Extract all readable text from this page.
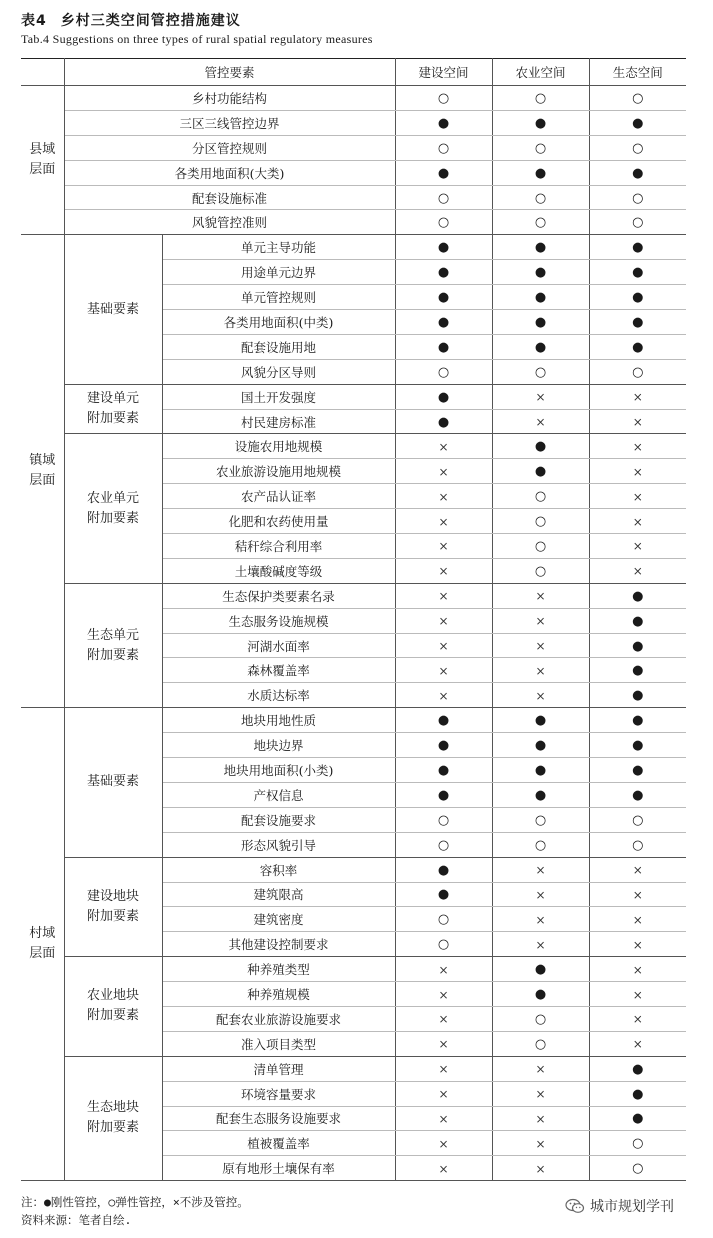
表4 乡村三类空间管控措施建议
Tab.4 Suggestions on three types of rural spatial regulatory measures
	管控要素		建设空间	农业空间	生态空间
县域
层面	乡村功能结构		○	○	○
	三区三线管控边界		●	●	●
	分区管控规则		○	○	○
	各类用地面积(大类)		●	●	●
	配套设施标准		○	○	○
	风貌管控准则		○	○	○
镇域
层面	基础要素	单元主导功能	●	●	●
		用途单元边界	●	●	●
		单元管控规则	●	●	●
		各类用地面积(中类)	●	●	●
		配套设施用地	●	●	●
		风貌分区导则	○	○	○
	建设单元
附加要素	国土开发强度	●	×	×
		村民建房标准	●	×	×
	农业单元
附加要素	设施农用地规模	×	●	×
		农业旅游设施用地规模	×	●	×
		农产品认证率	×	○	×
		化肥和农药使用量	×	○	×
		秸秆综合利用率	×	○	×
		土壤酸碱度等级	×	○	×
	生态单元
附加要素	生态保护类要素名录	×	×	●
		生态服务设施规模	×	×	●
		河湖水面率	×	×	●
		森林覆盖率	×	×	●
		水质达标率	×	×	●
村域
层面	基础要素	地块用地性质	●	●	●
		地块边界	●	●	●
		地块用地面积(小类)	●	●	●
		产权信息	●	●	●
		配套设施要求	○	○	○
		形态风貌引导	○	○	○
	建设地块
附加要素	容积率	●	×	×
		建筑限高	●	×	×
		建筑密度	○	×	×
		其他建设控制要求	○	×	×
	农业地块
附加要素	种养殖类型	×	●	×
		种养殖规模	×	●	×
		配套农业旅游设施要求	×	○	×
		准入项目类型	×	○	×
	生态地块
附加要素	清单管理	×	×	●
		环境容量要求	×	×	●
		配套生态服务设施要求	×	×	●
		植被覆盖率	×	×	○
		原有地形土壤保有率	×	×	○
注：●刚性管控，○弹性管控，×不涉及管控。
资料来源：笔者自绘.
城市规划学刊
